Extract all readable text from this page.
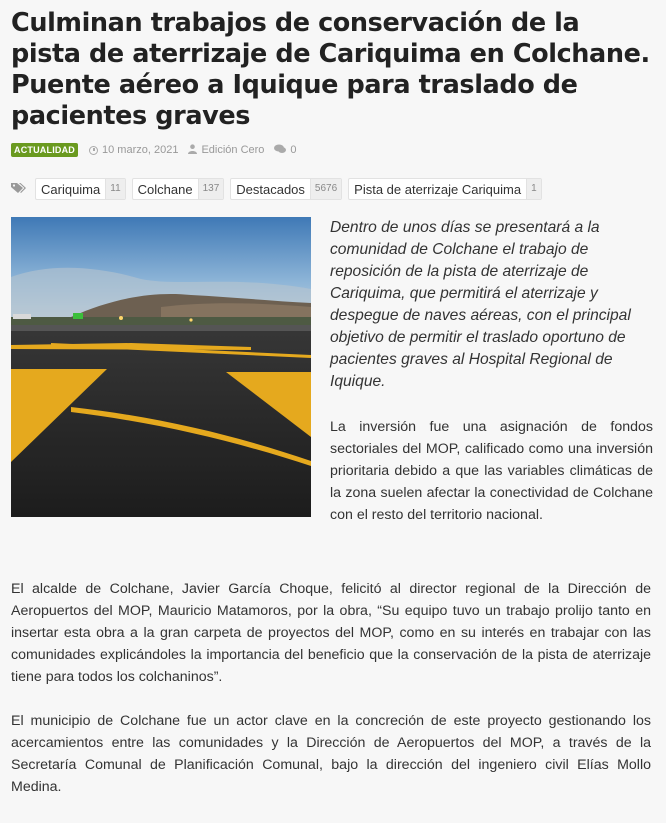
Culminan trabajos de conservación de la pista de aterrizaje de Cariquima en Colchane. Puente aéreo a Iquique para traslado de pacientes graves
ACTUALIDAD 10 marzo, 2021 Edición Cero 0
Cariquima	11	Colchane	137	Destacados	5676	Pista de aterrizaje Cariquima	1

Dentro de unos días se presentará a la comunidad de Colchane el trabajo de reposición de la pista de aterrizaje de Cariquima, que permitirá el aterrizaje y despegue de naves aéreas, con el principal objetivo de permitir el traslado oportuno de pacientes graves al Hospital Regional de Iquique.

La inversión fue una asignación de fondos sectoriales del MOP, calificado como una inversión prioritaria debido a que las variables climáticas de la zona suelen afectar la conectividad de Colchane con el resto del territorio nacional.

El alcalde de Colchane, Javier García Choque, felicitó al director regional de la Dirección de Aeropuertos del MOP, Mauricio Matamoros, por la obra, “Su equipo tuvo un trabajo prolijo tanto en insertar esta obra a la gran carpeta de proyectos del MOP, como en su interés en trabajar con las comunidades explicándoles la importancia del beneficio que la conservación de la pista de aterrizaje tiene para todos los colchaninos”.

El municipio de Colchane fue un actor clave en la concreción de este proyecto gestionando los acercamientos entre las comunidades y la Dirección de Aeropuertos del MOP, a través de la Secretaría Comunal de Planificación Comunal, bajo la dirección del ingeniero civil Elías Mollo Medina.
